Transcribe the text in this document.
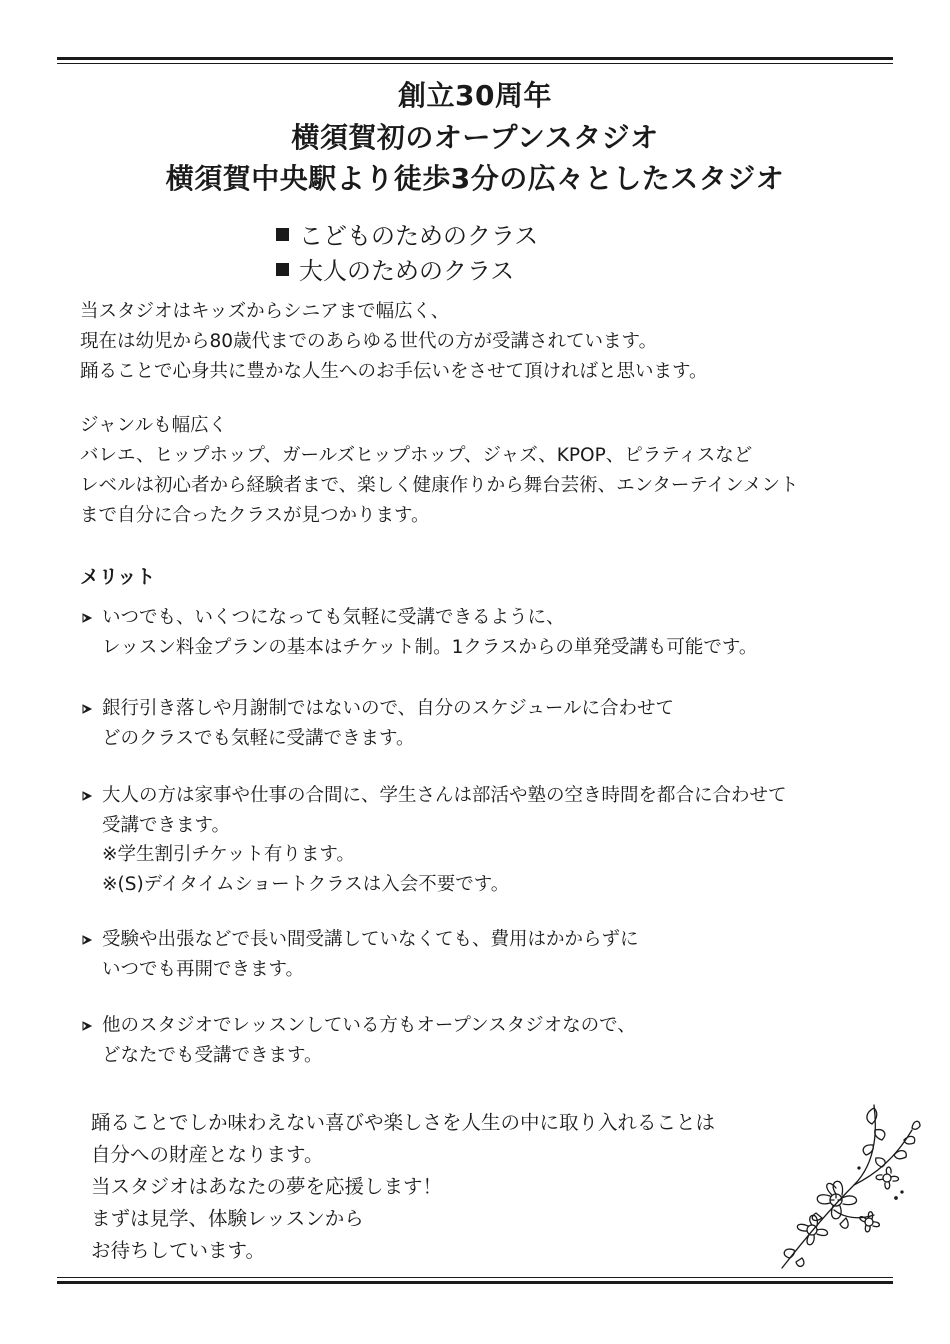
創立30周年
横須賀初のオープンスタジオ
横須賀中央駅より徒歩3分の広々としたスタジオ
こどものためのクラス
大人のためのクラス
当スタジオはキッズからシニアまで幅広く、
現在は幼児から80歳代までのあらゆる世代の方が受講されています。
踊ることで心身共に豊かな人生へのお手伝いをさせて頂ければと思います。
ジャンルも幅広く
バレエ、ヒップホップ、ガールズヒップホップ、ジャズ、KPOP、ピラティスなど
レベルは初心者から経験者まで、楽しく健康作りから舞台芸術、エンターテインメント
まで自分に合ったクラスが見つかります。
メリット
いつでも、いくつになっても気軽に受講できるように、
レッスン料金プランの基本はチケット制。1クラスからの単発受講も可能です。
銀行引き落しや月謝制ではないので、自分のスケジュールに合わせて
どのクラスでも気軽に受講できます。
大人の方は家事や仕事の合間に、学生さんは部活や塾の空き時間を都合に合わせて
受講できます。
※学生割引チケット有ります。
※(S)デイタイムショートクラスは入会不要です。
受験や出張などで長い間受講していなくても、費用はかからずに
いつでも再開できます。
他のスタジオでレッスンしている方もオープンスタジオなので、
どなたでも受講できます。
踊ることでしか味わえない喜びや楽しさを人生の中に取り入れることは
自分への財産となります。
当スタジオはあなたの夢を応援します！
まずは見学、体験レッスンから
お待ちしています。
